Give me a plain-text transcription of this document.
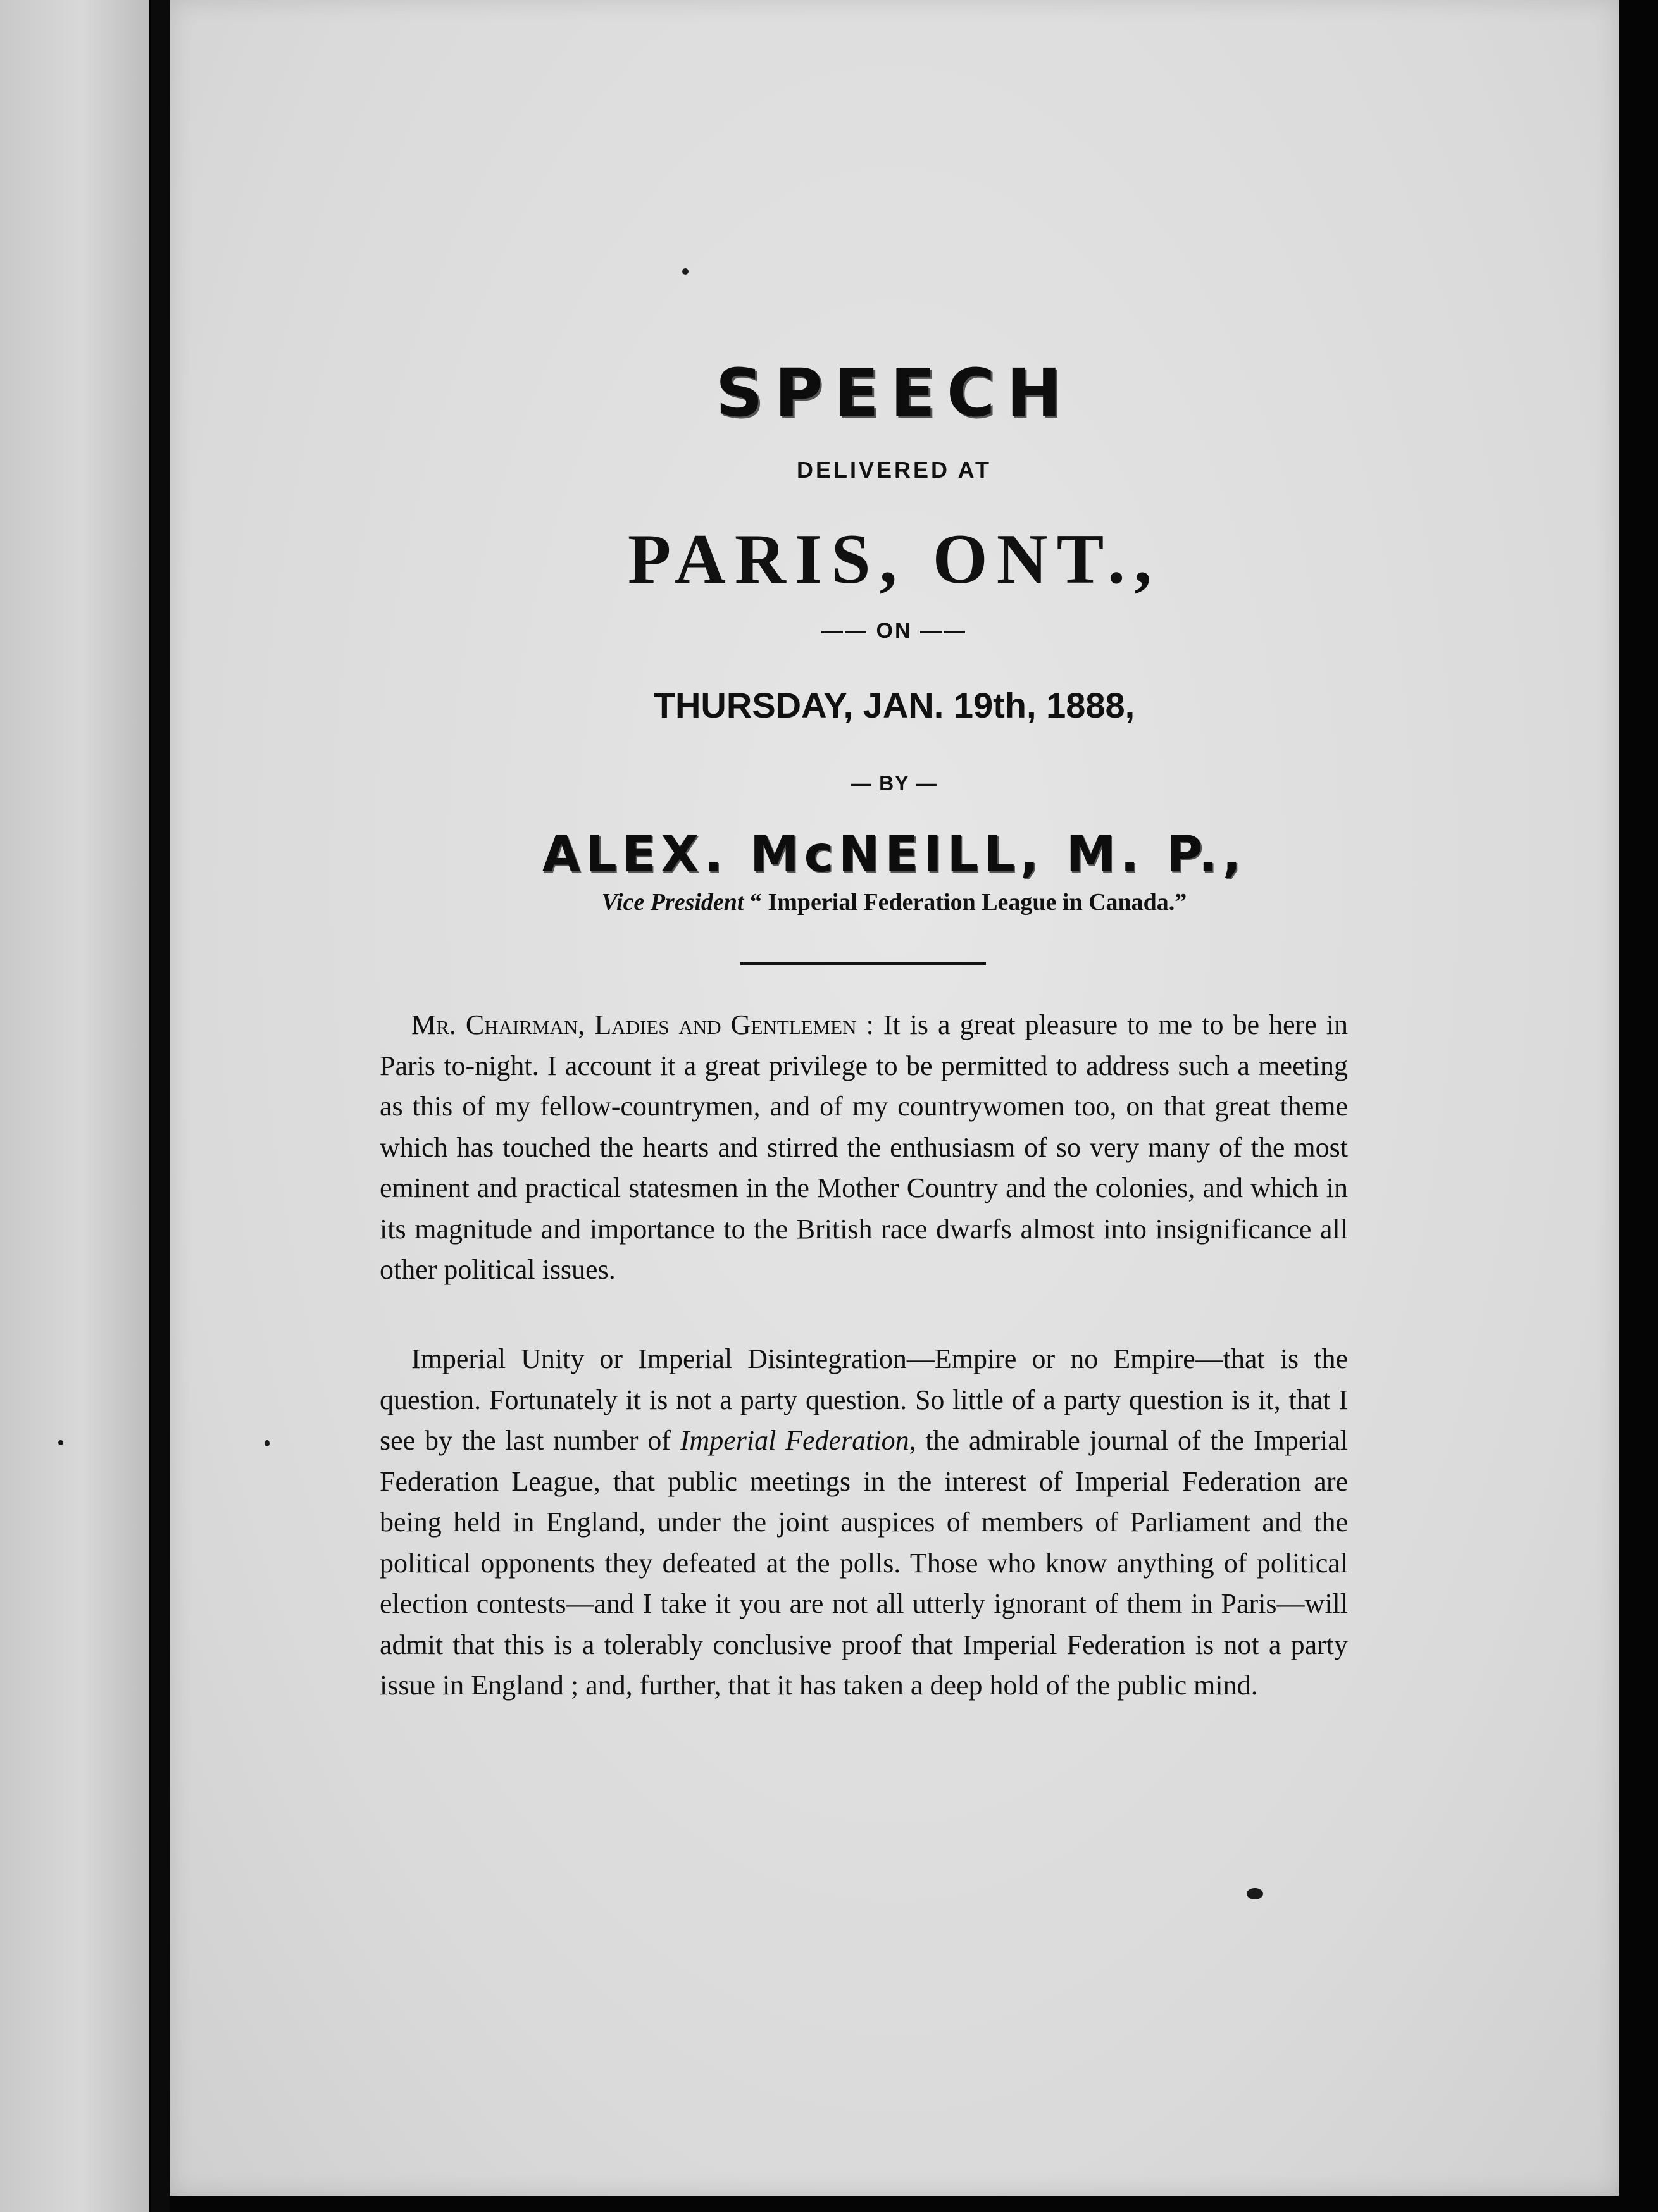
SPEECH
DELIVERED AT
PARIS, ONT.,
—— ON ——
THURSDAY, JAN. 19th, 1888,
— BY —
ALEX. McNEILL, M. P.,
Vice President “ Imperial Federation League in Canada.”

Mr. Chairman, Ladies and Gentlemen : It is a great pleasure to me to be here in Paris to-night. I account it a great privilege to be permitted to address such a meeting as this of my fellow-countrymen, and of my countrywomen too, on that great theme which has touched the hearts and stirred the enthusiasm of so very many of the most eminent and practical statesmen in the Mother Country and the colonies, and which in its magnitude and importance to the British race dwarfs almost into insignificance all other political issues.

Imperial Unity or Imperial Disintegration—Empire or no Empire—that is the question. Fortunately it is not a party question. So little of a party question is it, that I see by the last number of Imperial Federation, the admirable journal of the Imperial Federation League, that public meetings in the interest of Imperial Federation are being held in England, under the joint auspices of members of Parliament and the political opponents they defeated at the polls. Those who know anything of political election contests—and I take it you are not all utterly ignorant of them in Paris—will admit that this is a tolerably conclusive proof that Imperial Federation is not a party issue in England ; and, further, that it has taken a deep hold of the public mind.
